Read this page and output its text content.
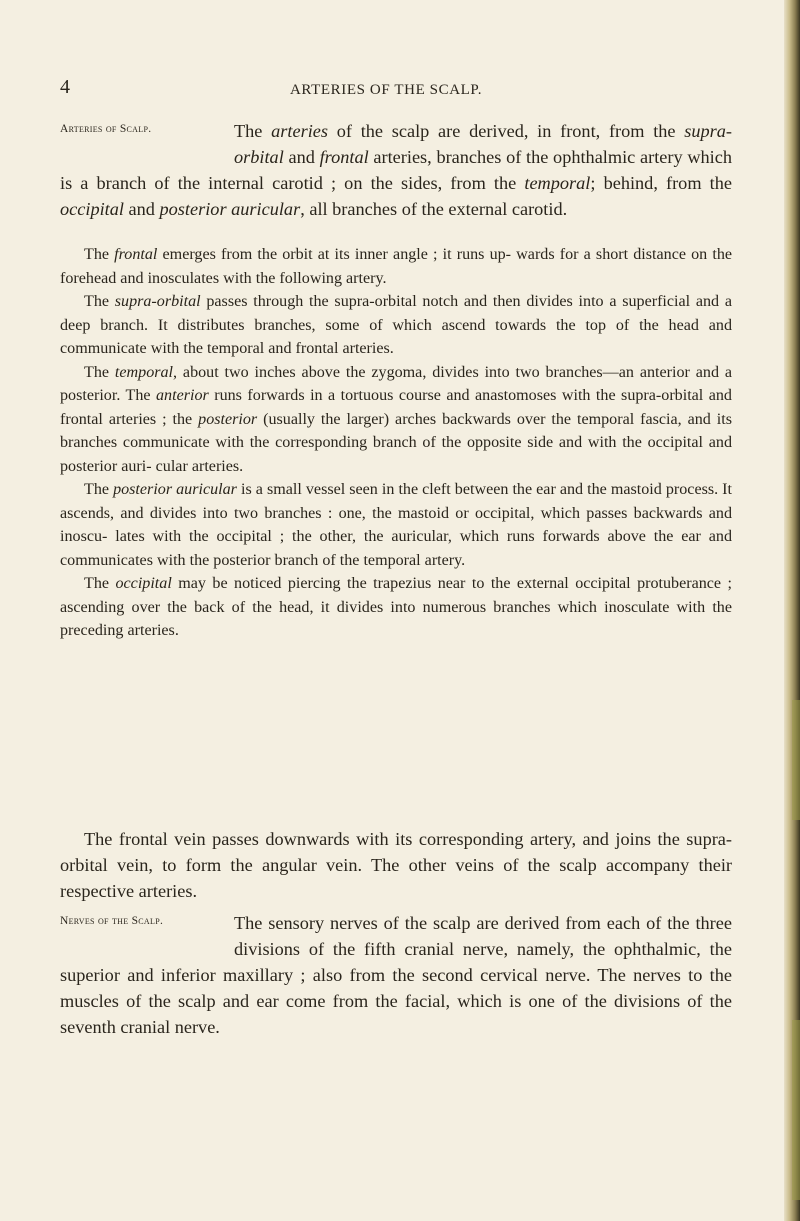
4	ARTERIES OF THE SCALP.
Arteries of Scalp.	The arteries of the scalp are derived, in front, from the supra-orbital and frontal arteries, branches of the ophthalmic artery which is a branch of the internal carotid ; on the sides, from the temporal; behind, from the occipital and posterior auricular, all branches of the external carotid.

The frontal emerges from the orbit at its inner angle ; it runs up- wards for a short distance on the forehead and inosculates with the following artery.

The supra-orbital passes through the supra-orbital notch and then divides into a superficial and a deep branch. It distributes branches, some of which ascend towards the top of the head and communicate with the temporal and frontal arteries.

The temporal, about two inches above the zygoma, divides into two branches—an anterior and a posterior. The anterior runs forwards in a tortuous course and anastomoses with the supra-orbital and frontal arteries ; the posterior (usually the larger) arches backwards over the temporal fascia, and its branches communicate with the corresponding branch of the opposite side and with the occipital and posterior auri- cular arteries.

The posterior auricular is a small vessel seen in the cleft between the ear and the mastoid process. It ascends, and divides into two branches : one, the mastoid or occipital, which passes backwards and inoscu- lates with the occipital ; the other, the auricular, which runs forwards above the ear and communicates with the posterior branch of the temporal artery.

The occipital may be noticed piercing the trapezius near to the external occipital protuberance ; ascending over the back of the head, it divides into numerous branches which inosculate with the preceding arteries.

The frontal vein passes downwards with its corresponding artery, and joins the supra-orbital vein, to form the angular vein. The other veins of the scalp accompany their respective arteries.

Nerves of the Scalp.	The sensory nerves of the scalp are derived from each of the three divisions of the fifth cranial nerve, namely, the ophthalmic, the superior and inferior maxillary ; also from the second cervical nerve. The nerves to the muscles of the scalp and ear come from the facial, which is one of the divisions of the seventh cranial nerve.
